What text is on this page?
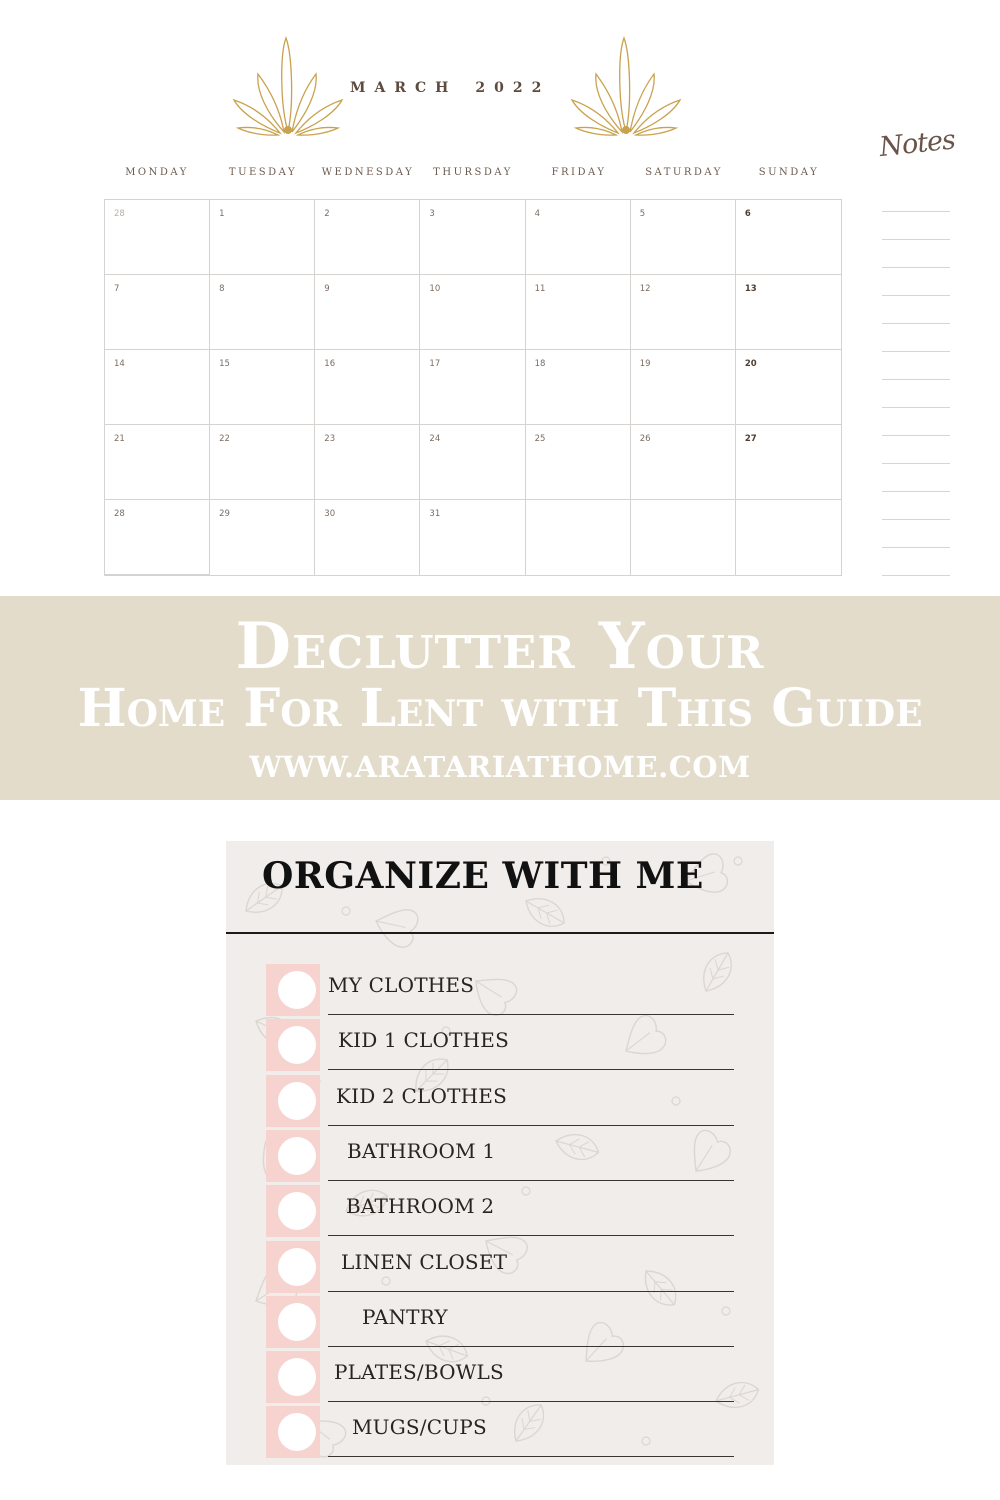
MARCH 2022
MONDAY	TUESDAY	WEDNESDAY	THURSDAY	FRIDAY	SATURDAY	SUNDAY
28	1	2	3	4	5	6
7	8	9	10	11	12	13
14	15	16	17	18	19	20
21	22	23	24	25	26	27
28	29	30	31
Notes
Declutter Your
Home For Lent with This Guide
WWW.ARATARIATHOME.COM
ORGANIZE WITH ME
MY CLOTHES
KID 1 CLOTHES
KID 2 CLOTHES
BATHROOM 1
BATHROOM 2
LINEN CLOSET
PANTRY
PLATES/BOWLS
MUGS/CUPS
